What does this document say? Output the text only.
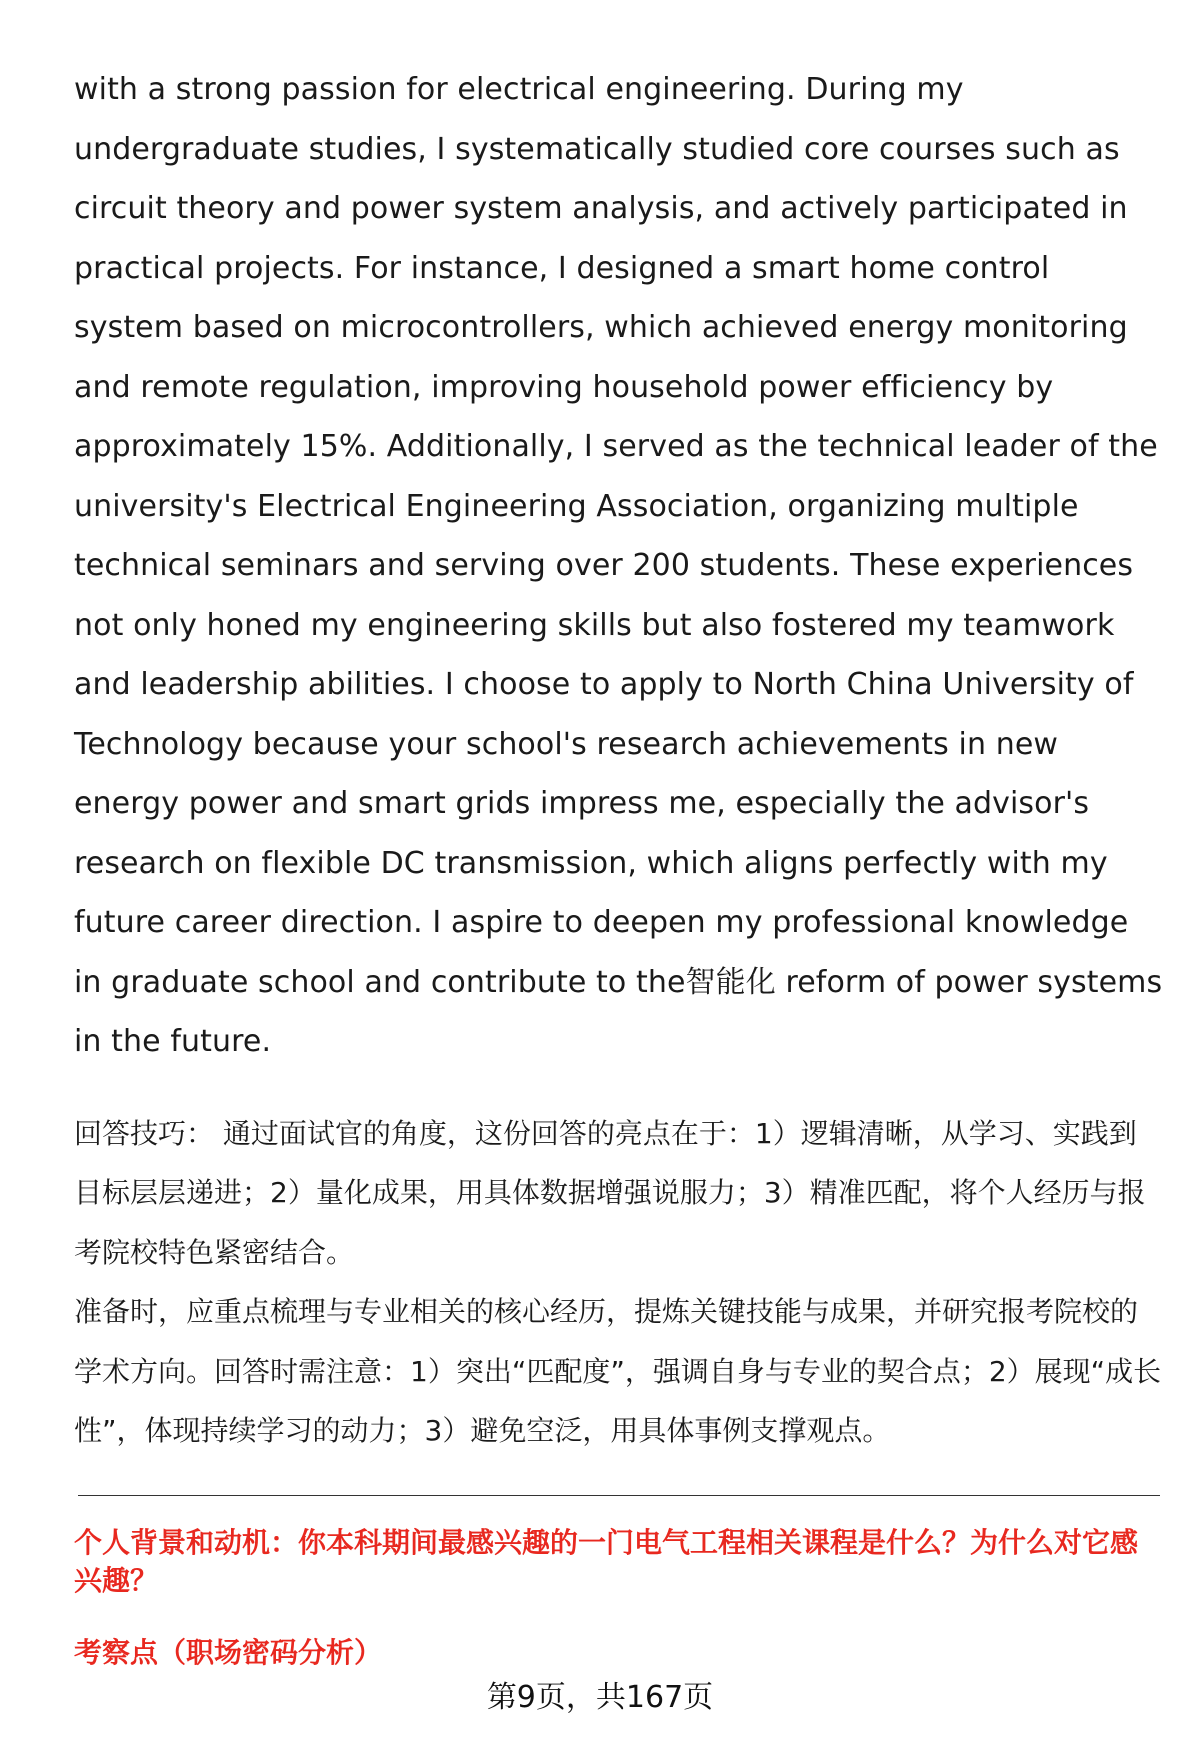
with a strong passion for electrical engineering. During my undergraduate studies, I systematically studied core courses such as circuit theory and power system analysis, and actively participated in practical projects. For instance, I designed a smart home control system based on microcontrollers, which achieved energy monitoring and remote regulation, improving household power efficiency by approximately 15%. Additionally, I served as the technical leader of the university's Electrical Engineering Association, organizing multiple technical seminars and serving over 200 students. These experiences not only honed my engineering skills but also fostered my teamwork and leadership abilities. I choose to apply to North China University of Technology because your school's research achievements in new energy power and smart grids impress me, especially the advisor's research on flexible DC transmission, which aligns perfectly with my future career direction. I aspire to deepen my professional knowledge in graduate school and contribute to the智能化 reform of power systems in the future.

回答技巧： 通过面试官的角度，这份回答的亮点在于：1）逻辑清晰，从学习、实践到目标层层递进；2）量化成果，用具体数据增强说服力；3）精准匹配，将个人经历与报考院校特色紧密结合。

准备时，应重点梳理与专业相关的核心经历，提炼关键技能与成果，并研究报考院校的学术方向。回答时需注意：1）突出“匹配度”，强调自身与专业的契合点；2）展现“成长性”，体现持续学习的动力；3）避免空泛，用具体事例支撑观点。

个人背景和动机：你本科期间最感兴趣的一门电气工程相关课程是什么？为什么对它感兴趣？

考察点（职场密码分析）

第9页，共167页
